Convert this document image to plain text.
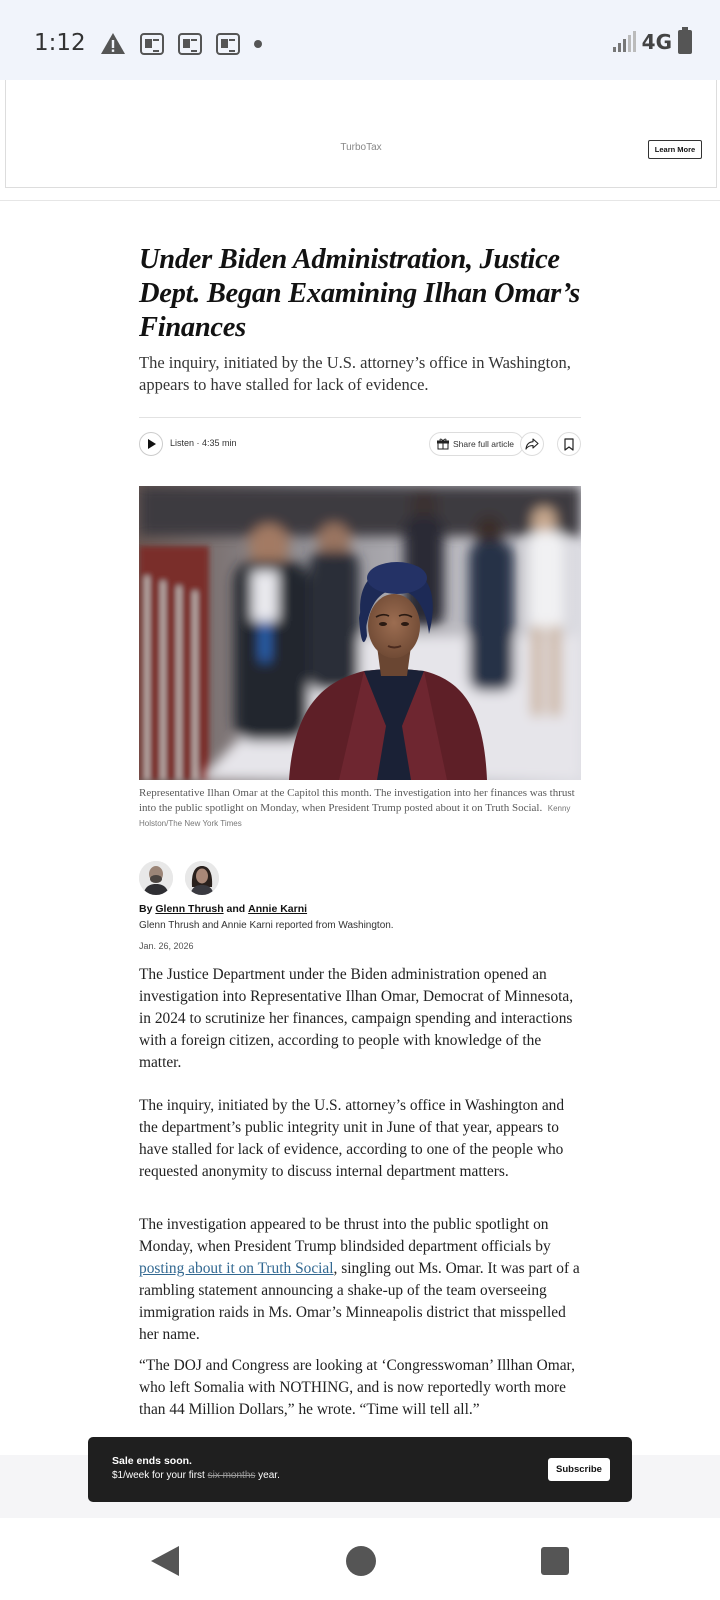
1:12	4G
TurboTax	Learn More
Under Biden Administration, Justice Dept. Began Examining Ilhan Omar’s Finances

The inquiry, initiated by the U.S. attorney’s office in Washington, appears to have stalled for lack of evidence.

Listen · 4:35 min	Share full article

Representative Ilhan Omar at the Capitol this month. The investigation into her finances was thrust into the public spotlight on Monday, when President Trump posted about it on Truth Social. Kenny Holston/The New York Times

By Glenn Thrush and Annie Karni

Glenn Thrush and Annie Karni reported from Washington.

Jan. 26, 2026

The Justice Department under the Biden administration opened an investigation into Representative Ilhan Omar, Democrat of Minnesota, in 2024 to scrutinize her finances, campaign spending and interactions with a foreign citizen, according to people with knowledge of the matter.

The inquiry, initiated by the U.S. attorney’s office in Washington and the department’s public integrity unit in June of that year, appears to have stalled for lack of evidence, according to one of the people who requested anonymity to discuss internal department matters.

The investigation appeared to be thrust into the public spotlight on Monday, when President Trump blindsided department officials by posting about it on Truth Social, singling out Ms. Omar. It was part of a rambling statement announcing a shake-up of the team overseeing immigration raids in Ms. Omar’s Minneapolis district that misspelled her name.

“The DOJ and Congress are looking at ‘Congresswoman’ Illhan Omar, who left Somalia with NOTHING, and is now reportedly worth more than 44 Million Dollars,” he wrote. “Time will tell all.”

Sale ends soon.
$1/week for your first six months year.
Subscribe
